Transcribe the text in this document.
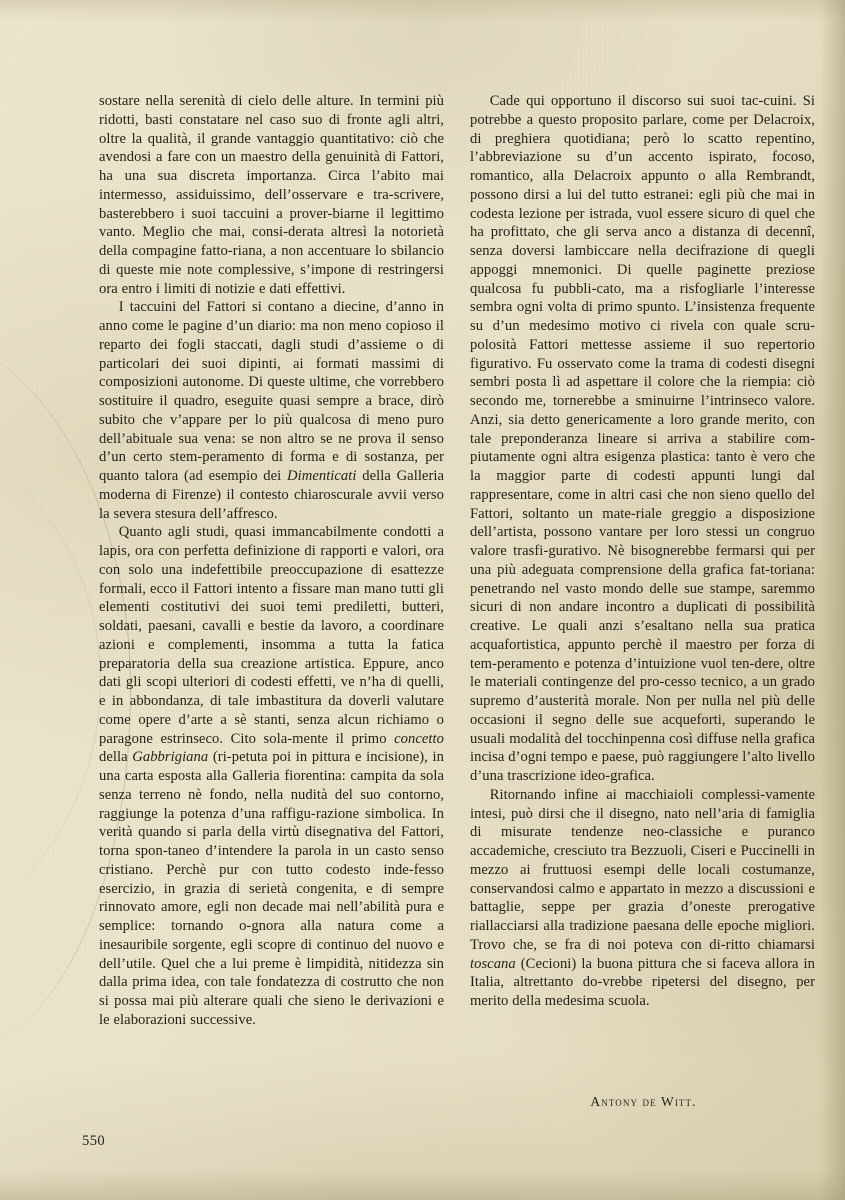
sostare nella serenità di cielo delle alture. In termini più ridotti, basti constatare nel caso suo di fronte agli altri, oltre la qualità, il grande vantaggio quantitativo: ciò che avendosi a fare con un maestro della genuinità di Fattori, ha una sua discreta importanza. Circa l’abito mai intermesso, assiduissimo, dell’osservare e tra-scrivere, basterebbero i suoi taccuini a prover-biarne il legittimo vanto. Meglio che mai, consi-derata altresì la notorietà della compagine fatto-riana, a non accentuare lo sbilancio di queste mie note complessive, s’impone di restringersi ora entro i limiti di notizie e dati effettivi.

I taccuini del Fattori si contano a diecine, d’anno in anno come le pagine d’un diario: ma non meno copioso il reparto dei fogli staccati, dagli studi d’assieme o di particolari dei suoi dipinti, ai formati massimi di composizioni autonome. Di queste ultime, che vorrebbero sostituire il quadro, eseguite quasi sempre a brace, dirò subito che v’appare per lo più qualcosa di meno puro dell’abituale sua vena: se non altro se ne prova il senso d’un certo stem-peramento di forma e di sostanza, per quanto talora (ad esempio dei Dimenticati della Galleria moderna di Firenze) il contesto chiaroscurale avvii verso la severa stesura dell’affresco.

Quanto agli studi, quasi immancabilmente condotti a lapis, ora con perfetta definizione di rapporti e valori, ora con solo una indefettibile preoccupazione di esattezze formali, ecco il Fattori intento a fissare man mano tutti gli elementi costitutivi dei suoi temi prediletti, butteri, soldati, paesani, cavalli e bestie da lavoro, a coordinare azioni e complementi, insomma a tutta la fatica preparatoria della sua creazione artistica. Eppure, anco dati gli scopi ulteriori di codesti effetti, ve n’ha di quelli, e in abbondanza, di tale imbastitura da doverli valutare come opere d’arte a sè stanti, senza alcun richiamo o paragone estrinseco. Cito sola-mente il primo concetto della Gabbrigiana (ri-petuta poi in pittura e incisione), in una carta esposta alla Galleria fiorentina: campita da sola senza terreno nè fondo, nella nudità del suo contorno, raggiunge la potenza d’una raffigu-razione simbolica. In verità quando si parla della virtù disegnativa del Fattori, torna spon-taneo d’intendere la parola in un casto senso cristiano. Perchè pur con tutto codesto inde-fesso esercizio, in grazia di serietà congenita, e di sempre rinnovato amore, egli non decade mai nell’abilità pura e semplice: tornando o-gnora alla natura come a inesauribile sorgente, egli scopre di continuo del nuovo e dell’utile. Quel che a lui preme è limpidità, nitidezza sin dalla prima idea, con tale fondatezza di costrutto che non si possa mai più alterare quali che sieno le derivazioni e le elaborazioni successive.

Cade qui opportuno il discorso sui suoi tac-cuini. Si potrebbe a questo proposito parlare, come per Delacroix, di preghiera quotidiana; però lo scatto repentino, l’abbreviazione su d’un accento ispirato, focoso, romantico, alla Delacroix appunto o alla Rembrandt, possono dirsi a lui del tutto estranei: egli più che mai in codesta lezione per istrada, vuol essere sicuro di quel che ha profittato, che gli serva anco a distanza di decennî, senza doversi lambiccare nella decifrazione di quegli appoggi mnemonici. Di quelle paginette preziose qualcosa fu pubbli-cato, ma a risfogliarle l’interesse sembra ogni volta di primo spunto. L’insistenza frequente su d’un medesimo motivo ci rivela con quale scru-polosità Fattori mettesse assieme il suo repertorio figurativo. Fu osservato come la trama di codesti disegni sembri posta lì ad aspettare il colore che la riempia: ciò secondo me, tornerebbe a sminuirne l’intrinseco valore. Anzi, sia detto genericamente a loro grande merito, con tale preponderanza lineare si arriva a stabilire com-piutamente ogni altra esigenza plastica: tanto è vero che la maggior parte di codesti appunti lungi dal rappresentare, come in altri casi che non sieno quello del Fattori, soltanto un mate-riale greggio a disposizione dell’artista, possono vantare per loro stessi un congruo valore trasfi-gurativo. Nè bisognerebbe fermarsi qui per una più adeguata comprensione della grafica fat-toriana: penetrando nel vasto mondo delle sue stampe, saremmo sicuri di non andare incontro a duplicati di possibilità creative. Le quali anzi s’esaltano nella sua pratica acquafortistica, appunto perchè il maestro per forza di tem-peramento e potenza d’intuizione vuol ten-dere, oltre le materiali contingenze del pro-cesso tecnico, a un grado supremo d’austerità morale. Non per nulla nel più delle occasioni il segno delle sue acqueforti, superando le usuali modalità del tocchinpenna così diffuse nella grafica incisa d’ogni tempo e paese, può raggiungere l’alto livello d’una trascrizione ideo-grafica.

Ritornando infine ai macchiaioli complessi-vamente intesi, può dirsi che il disegno, nato nell’aria di famiglia di misurate tendenze neo-classiche e puranco accademiche, cresciuto tra Bezzuoli, Ciseri e Puccinelli in mezzo ai fruttuosi esempi delle locali costumanze, conservandosi calmo e appartato in mezzo a discussioni e battaglie, seppe per grazia d’oneste prerogative riallacciarsi alla tradizione paesana delle epoche migliori. Trovo che, se fra di noi poteva con di-ritto chiamarsi toscana (Cecioni) la buona pittura che si faceva allora in Italia, altrettanto do-vrebbe ripetersi del disegno, per merito della medesima scuola.

Antony de Witt.
550
